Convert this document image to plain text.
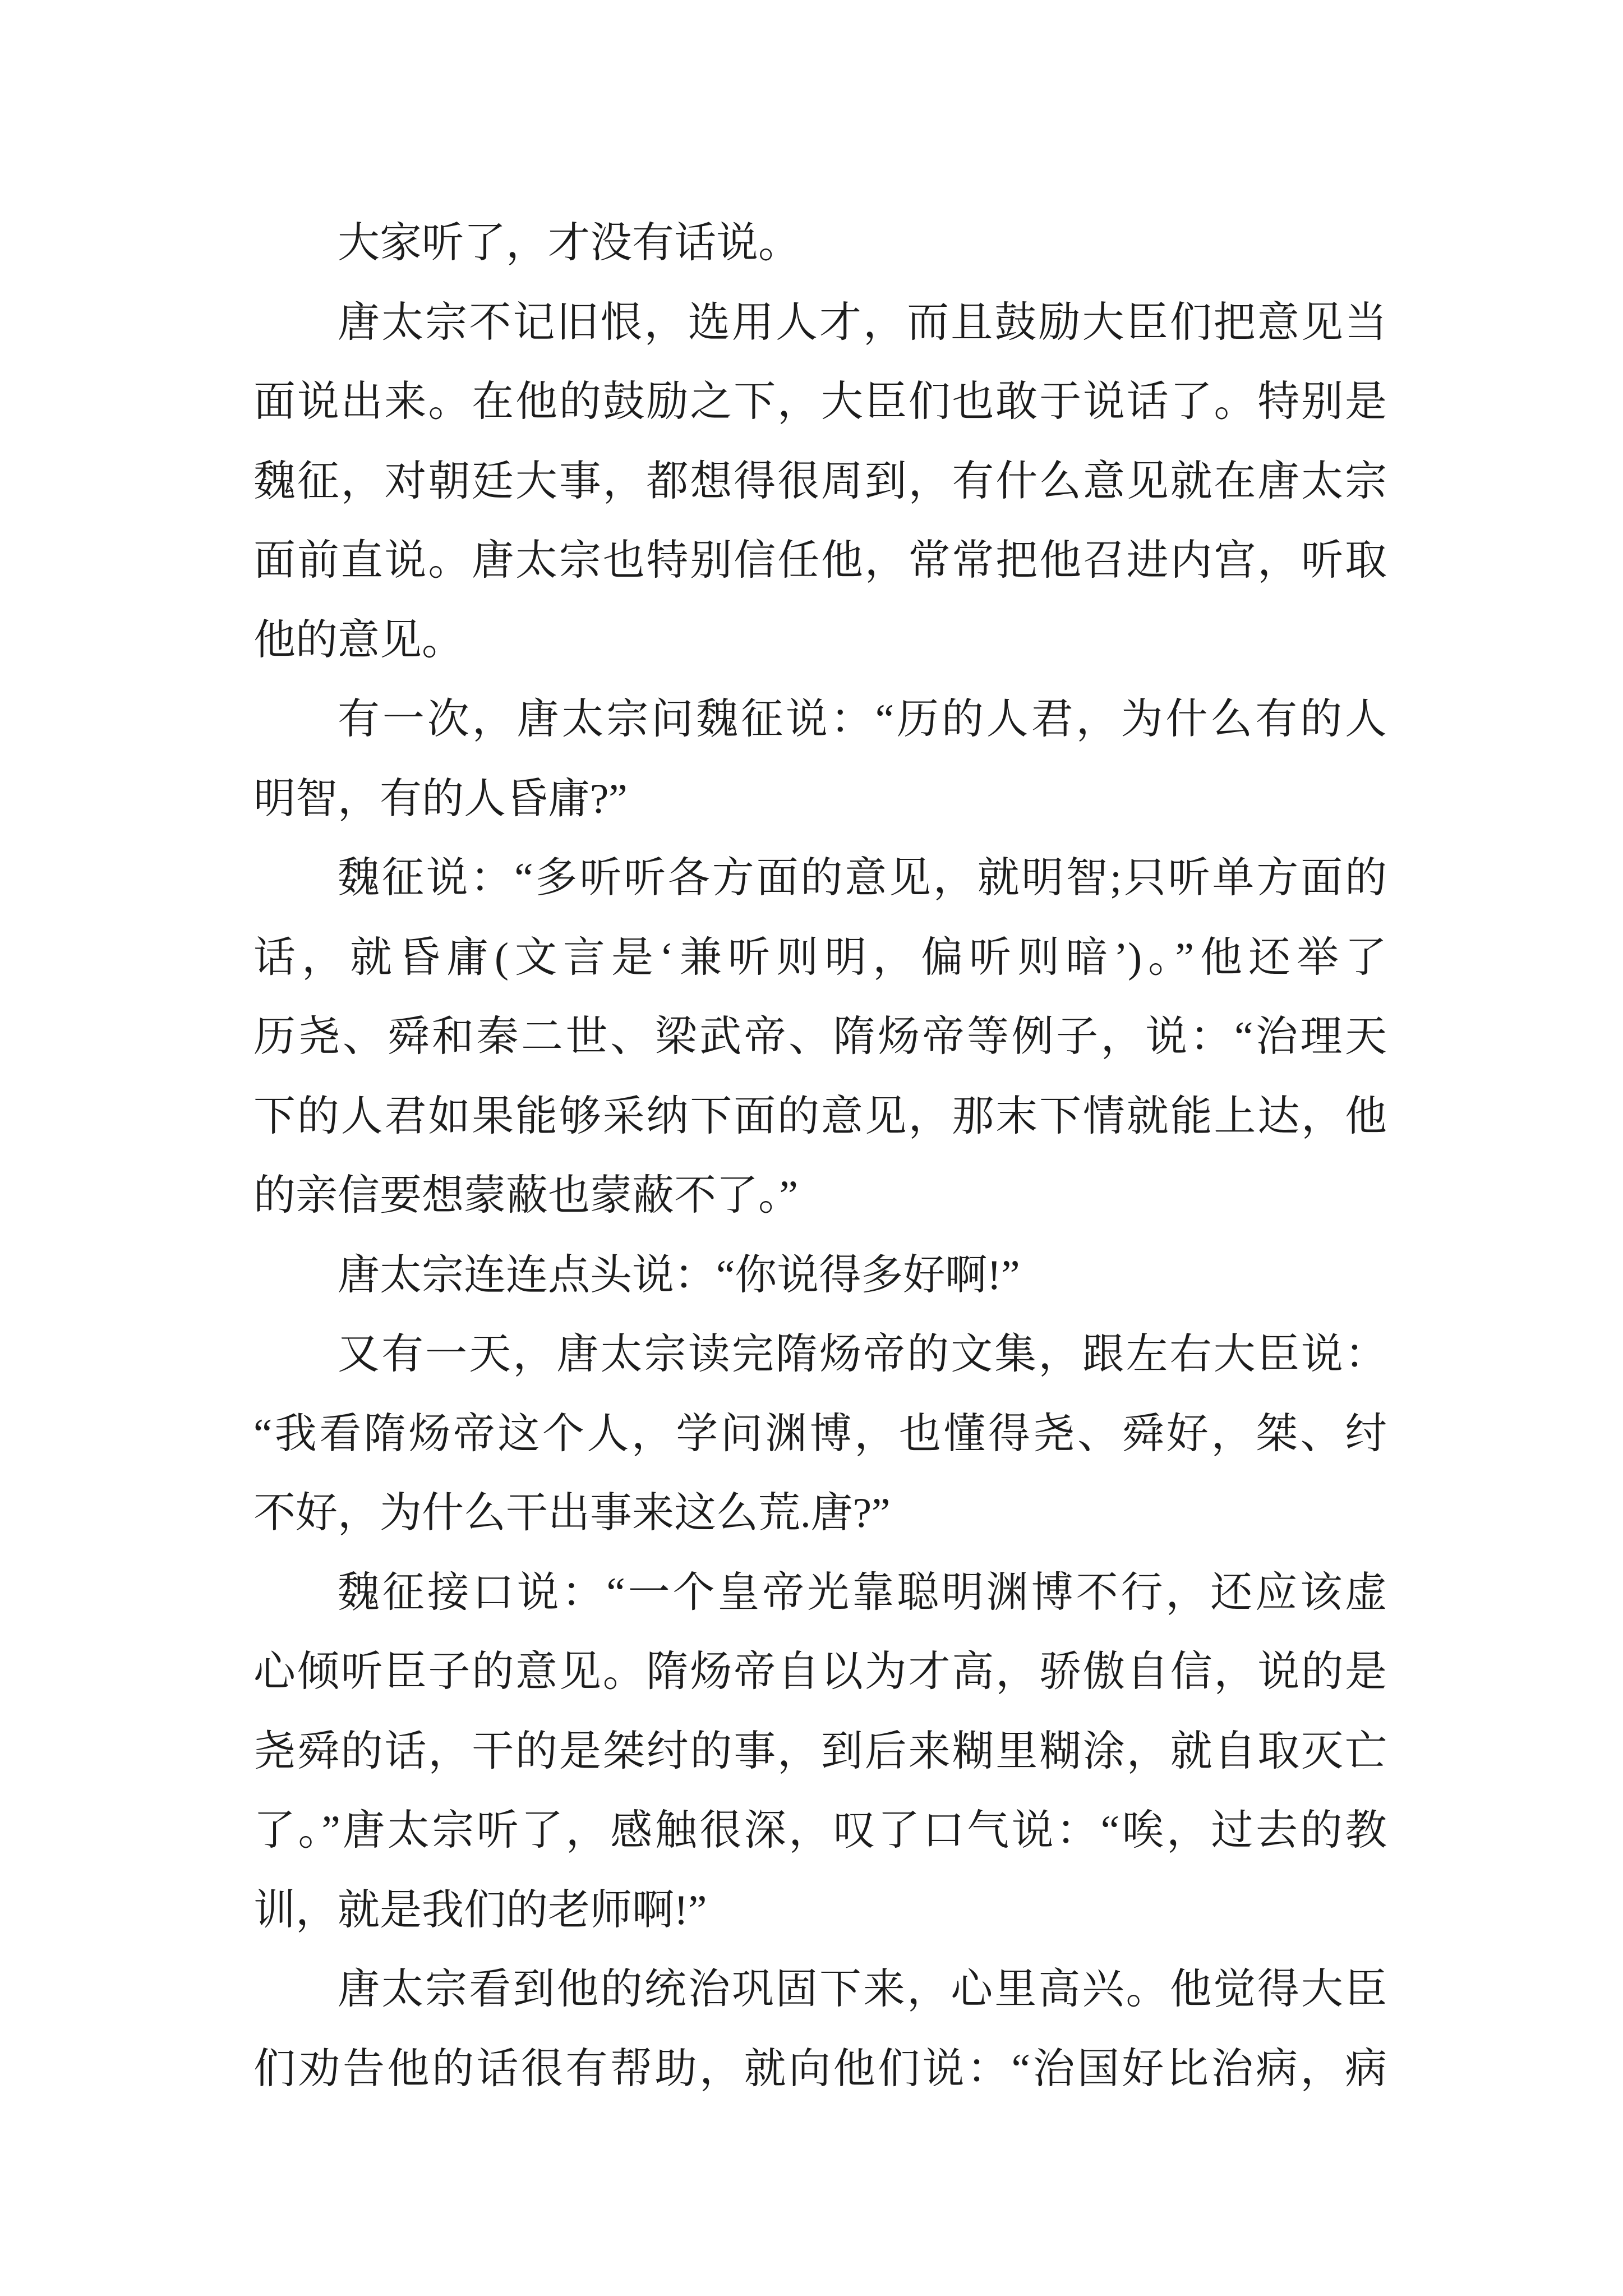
大家听了，才没有话说。
唐太宗不记旧恨，选用人才，而且鼓励大臣们把意见当
面说出来。在他的鼓励之下，大臣们也敢于说话了。特别是
魏征，对朝廷大事，都想得很周到，有什么意见就在唐太宗
面前直说。唐太宗也特别信任他，常常把他召进内宫，听取
他的意见。
有一次，唐太宗问魏征说：“历的人君，为什么有的人
明智，有的人昏庸?”
魏征说：“多听听各方面的意见，就明智;只听单方面的
话，就昏庸(文言是‘兼听则明，偏听则暗’)。”他还举了
历尧、舜和秦二世、梁武帝、隋炀帝等例子，说：“治理天
下的人君如果能够采纳下面的意见，那末下情就能上达，他
的亲信要想蒙蔽也蒙蔽不了。”
唐太宗连连点头说：“你说得多好啊!”
又有一天，唐太宗读完隋炀帝的文集，跟左右大臣说：
“我看隋炀帝这个人，学问渊博，也懂得尧、舜好，桀、纣
不好，为什么干出事来这么荒.唐?”
魏征接口说：“一个皇帝光靠聪明渊博不行，还应该虚
心倾听臣子的意见。隋炀帝自以为才高，骄傲自信，说的是
尧舜的话，干的是桀纣的事，到后来糊里糊涂，就自取灭亡
了。”唐太宗听了，感触很深，叹了口气说：“唉，过去的教
训，就是我们的老师啊!”
唐太宗看到他的统治巩固下来，心里高兴。他觉得大臣
们劝告他的话很有帮助，就向他们说：“治国好比治病，病
